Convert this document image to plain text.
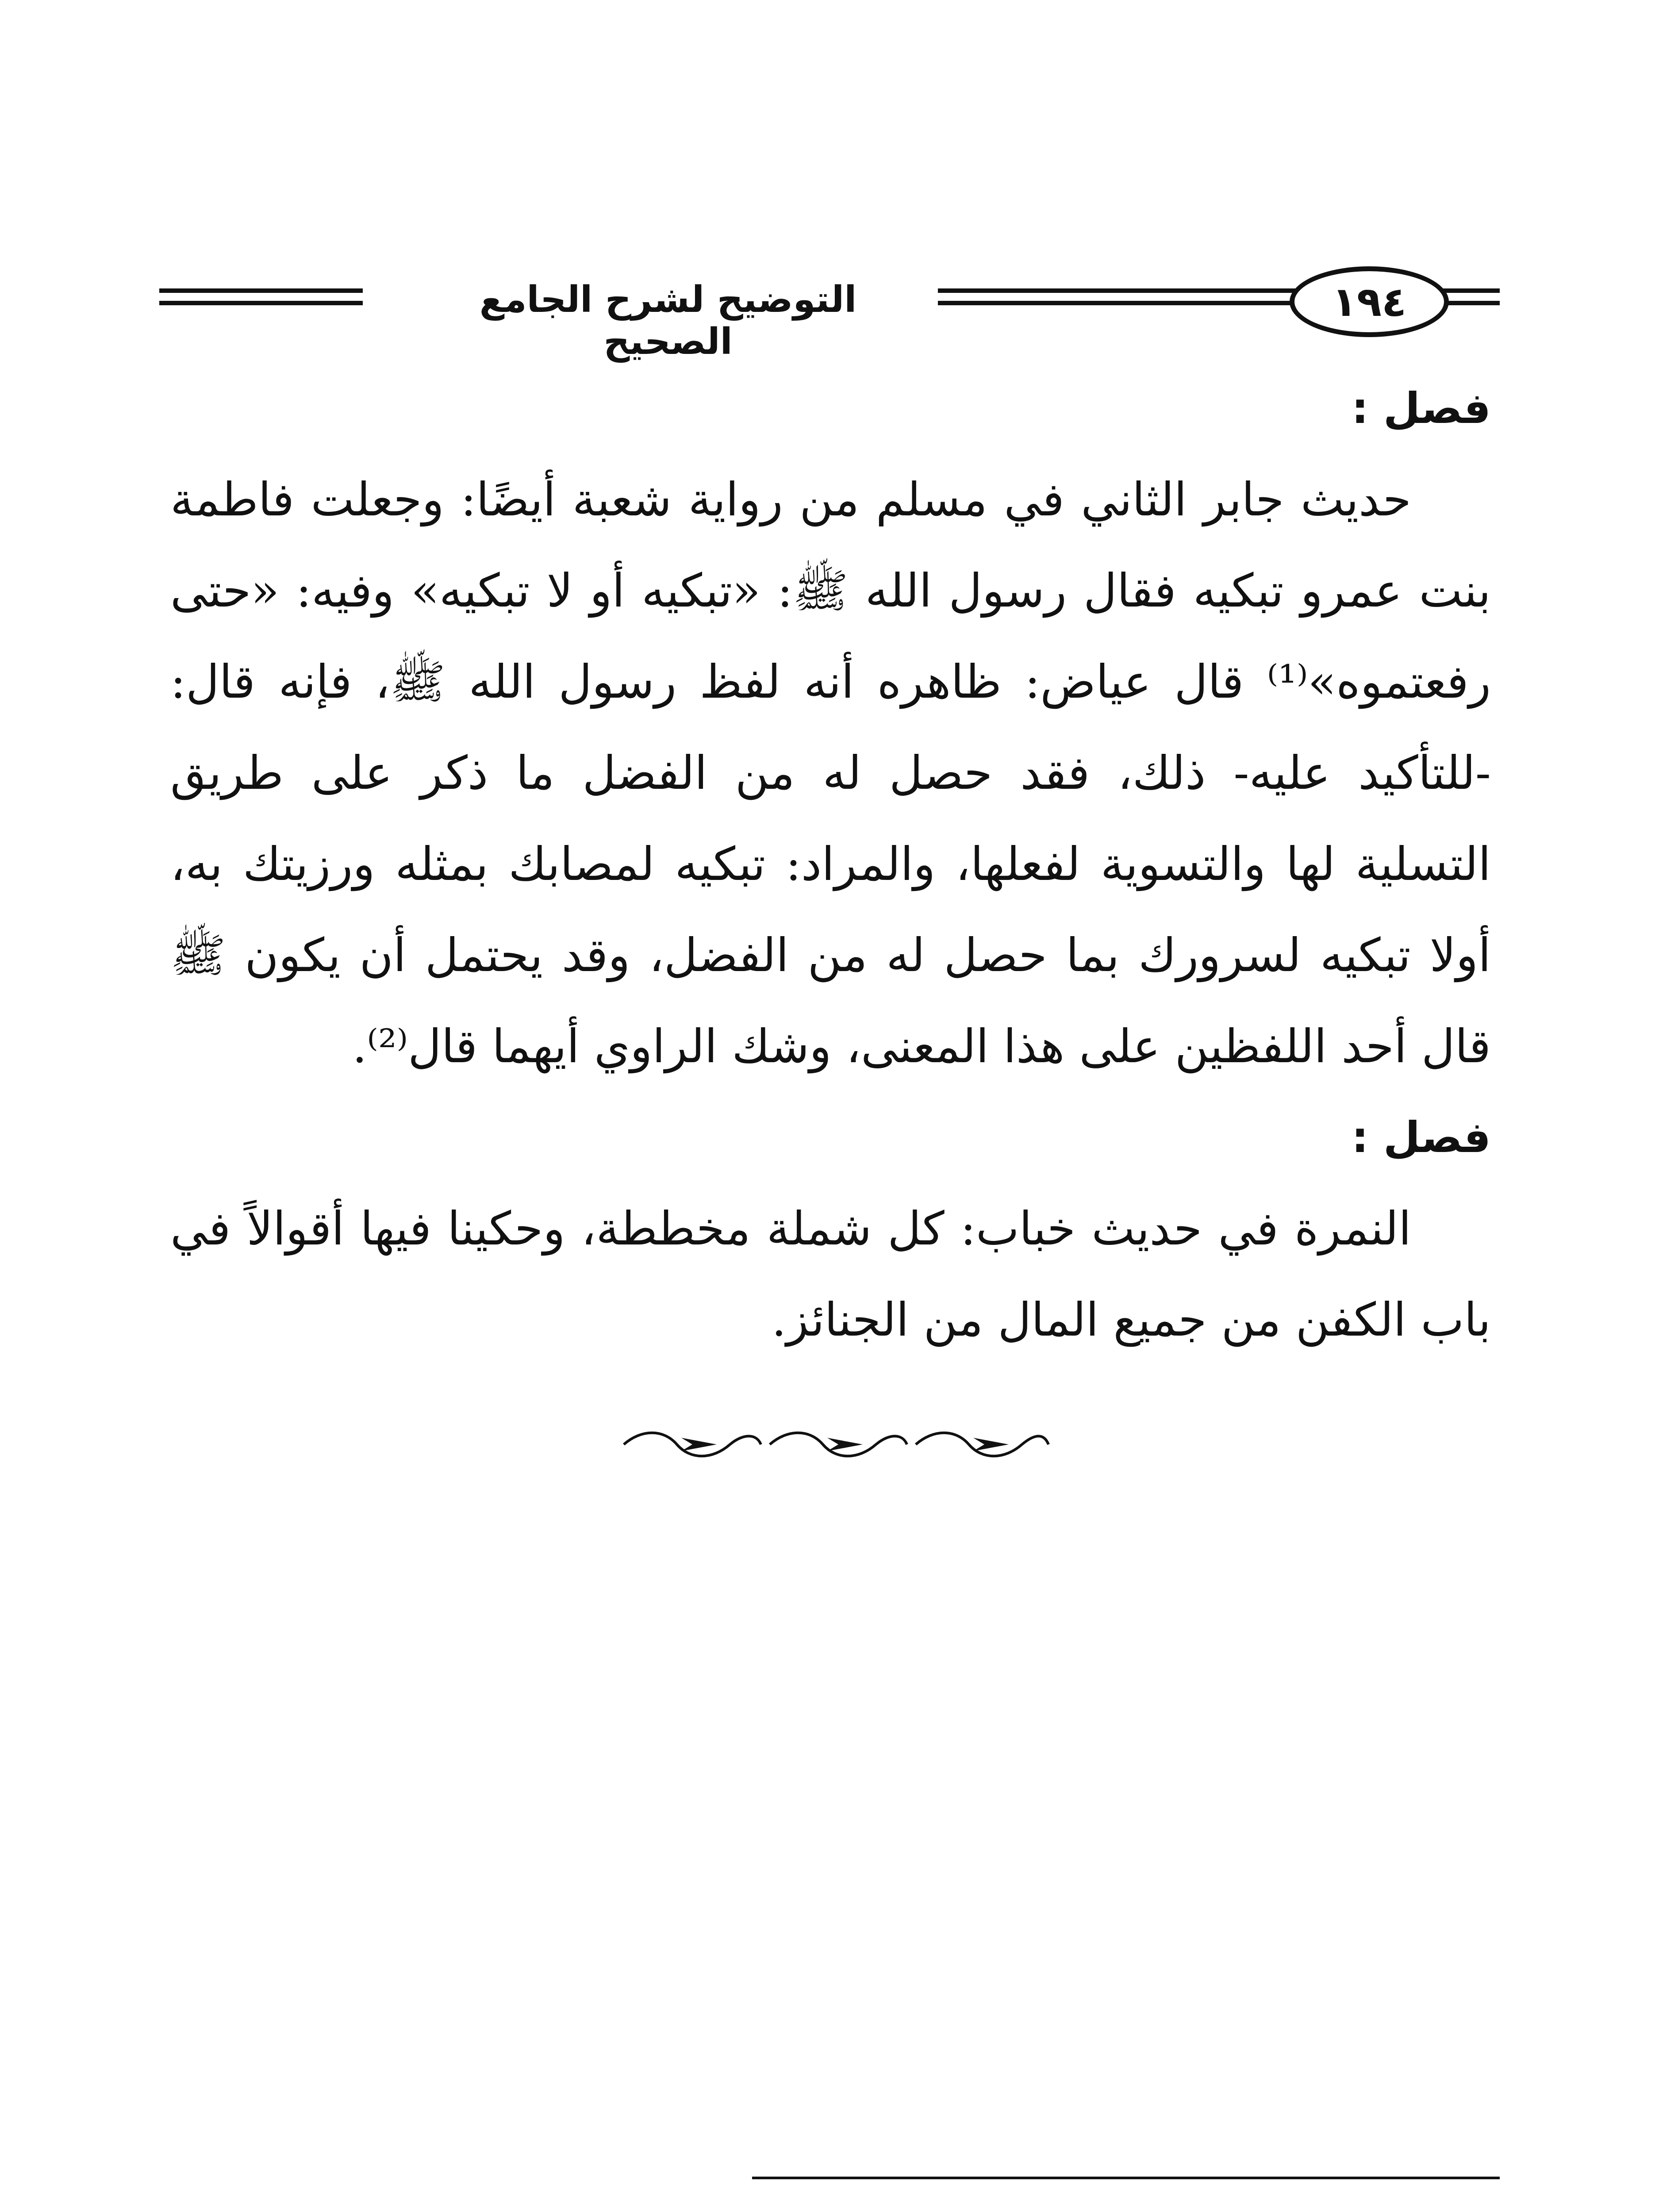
التوضيح لشرح الجامع الصحيح
١٩٤
فصل :

حديث جابر الثاني في مسلم من رواية شعبة أيضًا: وجعلت فاطمة بنت عمرو تبكيه فقال رسول الله ﷺ: «تبكيه أو لا تبكيه» وفيه: «حتى رفعتموه»⁽¹⁾ قال عياض: ظاهره أنه لفظ رسول الله ﷺ، فإنه قال: -للتأكيد عليه- ذلك، فقد حصل له من الفضل ما ذكر على طريق التسلية لها والتسوية لفعلها، والمراد: تبكيه لمصابك بمثله ورزيتك به، أولا تبكيه لسرورك بما حصل له من الفضل، وقد يحتمل أن يكون ﷺ قال أحد اللفظين على هذا المعنى، وشك الراوي أيهما قال⁽²⁾.

فصل :

النمرة في حديث خباب: كل شملة مخططة، وحكينا فيها أقوالاً في باب الكفن من جميع المال من الجنائز.
